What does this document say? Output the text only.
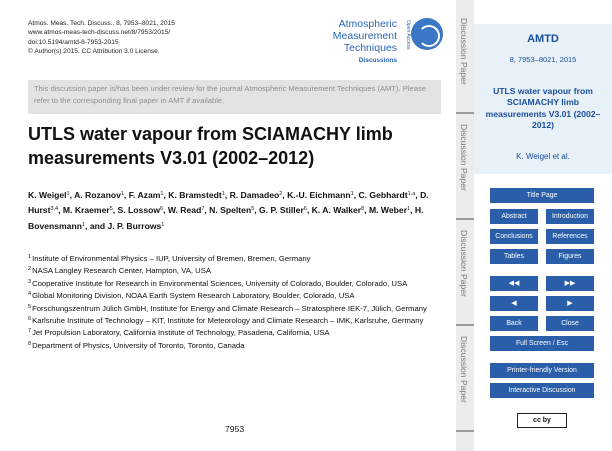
Atmos. Meas. Tech. Discuss., 8, 7953–8021, 2015
www.atmos-meas-tech-discuss.net/8/7953/2015/
doi:10.5194/amtd-8-7953-2015
© Author(s) 2015. CC Attribution 3.0 License.
Atmospheric
Measurement
Techniques
Discussions
Open Access
This discussion paper is/has been under review for the journal Atmospheric Measurement Techniques (AMT). Please refer to the corresponding final paper in AMT if available.
UTLS water vapour from SCIAMACHY limb measurements V3.01 (2002–2012)
K. Weigel$^1$, A. Rozanov$^1$, F. Azam$^1$, K. Bramstedt$^1$, R. Damadeo$^2$, K.-U. Eichmann$^1$, C. Gebhardt$^{1,a}$, D. Hurst$^{3,4}$, M. Kraemer$^5$, S. Lossow$^6$, W. Read$^7$, N. Spelten$^5$, G. P. Stiller$^6$, K. A. Walker$^8$, M. Weber$^1$, H. Bovensmann$^1$, and J. P. Burrows$^1$
$^1$Institute of Environmental Physics – IUP, University of Bremen, Bremen, Germany
$^2$NASA Langley Research Center, Hampton, VA, USA
$^3$Cooperative Institute for Research in Environmental Sciences, University of Colorado, Boulder, Colorado, USA
$^4$Global Monitoring Division, NOAA Earth System Research Laboratory, Boulder, Colorado, USA
$^5$Forschungszentrum Jülich GmbH, Institute for Energy and Climate Research – Stratosphere IEK-7, Jülich, Germany
$^6$Karlsruhe Institute of Technology – KIT, Institute for Meteorology and Climate Research – IMK, Karlsruhe, Germany
$^7$Jet Propulsion Laboratory, California Institute of Technology, Pasadena, California, USA
$^8$Department of Physics, University of Toronto, Toronto, Canada
7953
Discussion Paper
Discussion Paper
Discussion Paper
Discussion Paper
AMTD
8, 7953–8021, 2015
UTLS water vapour from SCIAMACHY limb measurements V3.01 (2002–2012)
K. Weigel et al.
Title Page
Abstract	Introduction
Conclusions	References
Tables	Figures
◀◀	▶▶
◀	▶
Back	Close
Full Screen / Esc
Printer-friendly Version
Interactive Discussion
cc by
